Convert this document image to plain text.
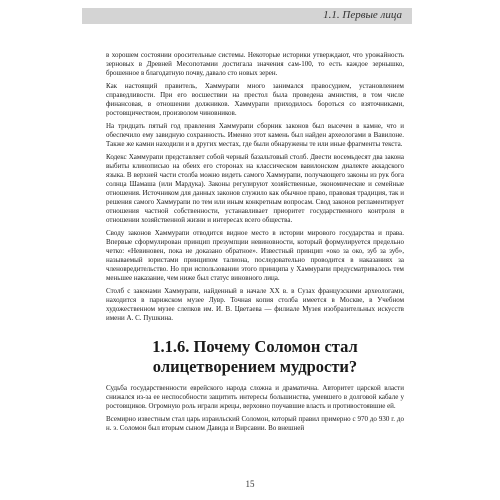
1.1. Первые лица

в хорошем состоянии оросительные системы. Некоторые историки утверждают, что урожайность зерновых в Древней Месопотамии достигала значения сам-100, то есть каждое зернышко, брошенное в благодатную почву, давало сто новых зерен.

Как настоящий правитель, Хаммурапи много занимался правосудием, установлением справедливости. При его восшествии на престол была проведена амнистия, в том числе финансовая, в отношении должников. Хаммурапи приходилось бороться со взяточниками, ростовщичеством, произволом чиновников.

На тридцать пятый год правления Хаммурапи сборник законов был высечен в камне, что и обеспечило ему завидную сохранность. Именно этот камень был найден археологами в Вавилоне. Также же камни находили и в других местах, где были обнаружены те или иные фрагменты текста.

Кодекс Хаммурапи представляет собой черный базальтовый столб. Двести восемьдесят два закона выбиты клинописью на обеих его сторонах на классическом вавилонском диалекте аккадского языка. В верхней части столба можно видеть самого Хаммурапи, получающего законы из рук бога солнца Шамаша (или Мардука). Законы регулируют хозяйственные, экономические и семейные отношения. Источником для данных законов служило как обычное право, правовая традиция, так и решения самого Хаммурапи по тем или иным конкретным вопросам. Свод законов регламентирует отношения частной собственности, устанавливает приоритет государственного контроля в отношении хозяйственной жизни и интересах всего общества.

Своду законов Хаммурапи отводится видное место в истории мирового государства и права. Впервые сформулирован принцип презумпции невиновности, который формулируется предельно четко: «Невиновен, пока не доказано обратное». Известный принцип «око за око, зуб за зуб», называемый юристами принципом талиона, последовательно проводится в наказаниях за членовредительство. Но при использовании этого принципа у Хаммурапи предусматривалось тем меньшее наказание, чем ниже был статус виновного лица.

Столб с законами Хаммурапи, найденный в начале XX в. в Сузах французскими археологами, находится в парижском музее Лувр. Точная копия столба имеется в Москве, в Учебном художественном музее слепков им. И. В. Цветаева — филиале Музея изобразительных искусств имени А. С. Пушкина.

1.1.6. Почему Соломон стал олицетворением мудрости?

Судьба государственности еврейского народа сложна и драматична. Авторитет царской власти снижался из-за ее неспособности защитить интересы большинства, умевшего в долговой кабале у ростовщиков. Огромную роль играли жрецы, верховно поучавшие власть и противостоявшие ей.

Всемирно известным стал царь израильский Соломон, который правил примерно с 970 до 930 г. до н. э. Соломон был вторым сыном Давида и Вирсавии. Во внешней

15
